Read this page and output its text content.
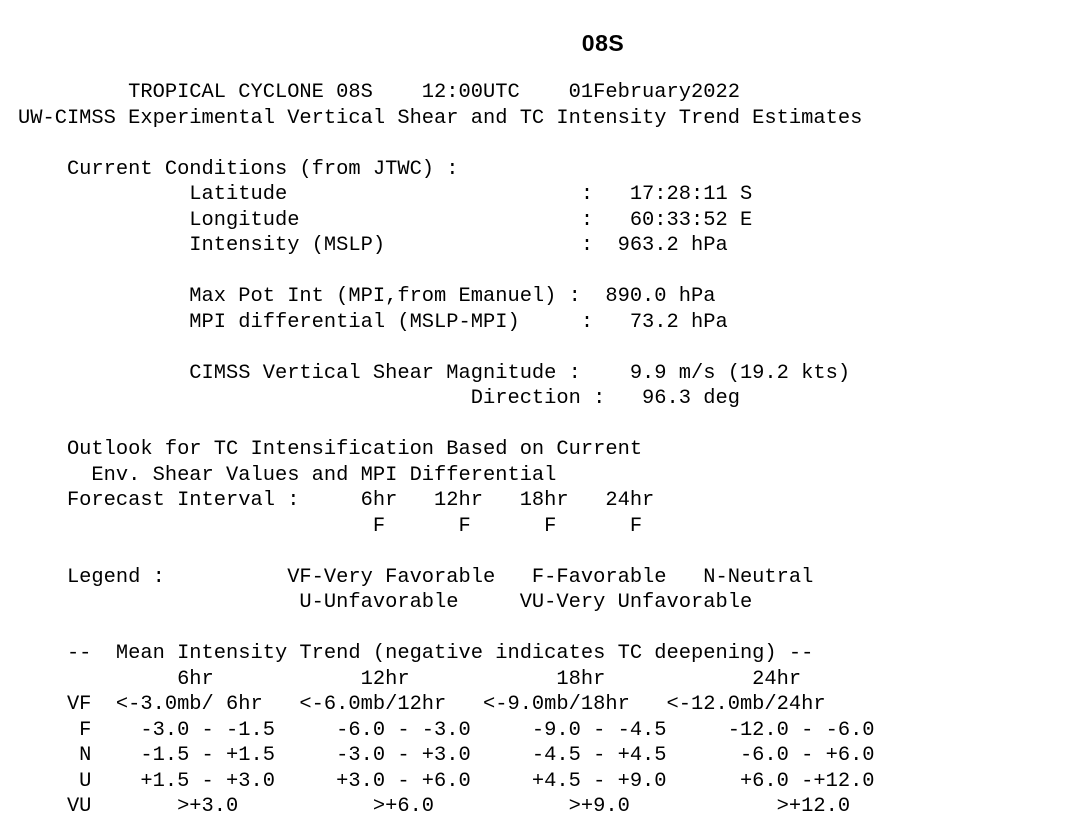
08S
TROPICAL CYCLONE 08S    12:00UTC    01February2022
UW-CIMSS Experimental Vertical Shear and TC Intensity Trend Estimates

Current Conditions (from JTWC) :
Latitude                        :   17:28:11 S
Longitude                       :   60:33:52 E
Intensity (MSLP)                :  963.2 hPa

Max Pot Int (MPI,from Emanuel) :  890.0 hPa
MPI differential (MSLP-MPI)     :   73.2 hPa

CIMSS Vertical Shear Magnitude :    9.9 m/s (19.2 kts)
Direction :   96.3 deg

Outlook for TC Intensification Based on Current
Env. Shear Values and MPI Differential
Forecast Interval :     6hr   12hr   18hr   24hr
F      F      F      F

Legend :          VF-Very Favorable   F-Favorable   N-Neutral
U-Unfavorable     VU-Very Unfavorable

--  Mean Intensity Trend (negative indicates TC deepening) --
6hr            12hr            18hr            24hr
VF  <-3.0mb/ 6hr   <-6.0mb/12hr   <-9.0mb/18hr   <-12.0mb/24hr
F    -3.0 - -1.5     -6.0 - -3.0     -9.0 - -4.5     -12.0 - -6.0
N    -1.5 - +1.5     -3.0 - +3.0     -4.5 - +4.5      -6.0 - +6.0
U    +1.5 - +3.0     +3.0 - +6.0     +4.5 - +9.0      +6.0 -+12.0
VU       >+3.0           >+6.0           >+9.0            >+12.0
